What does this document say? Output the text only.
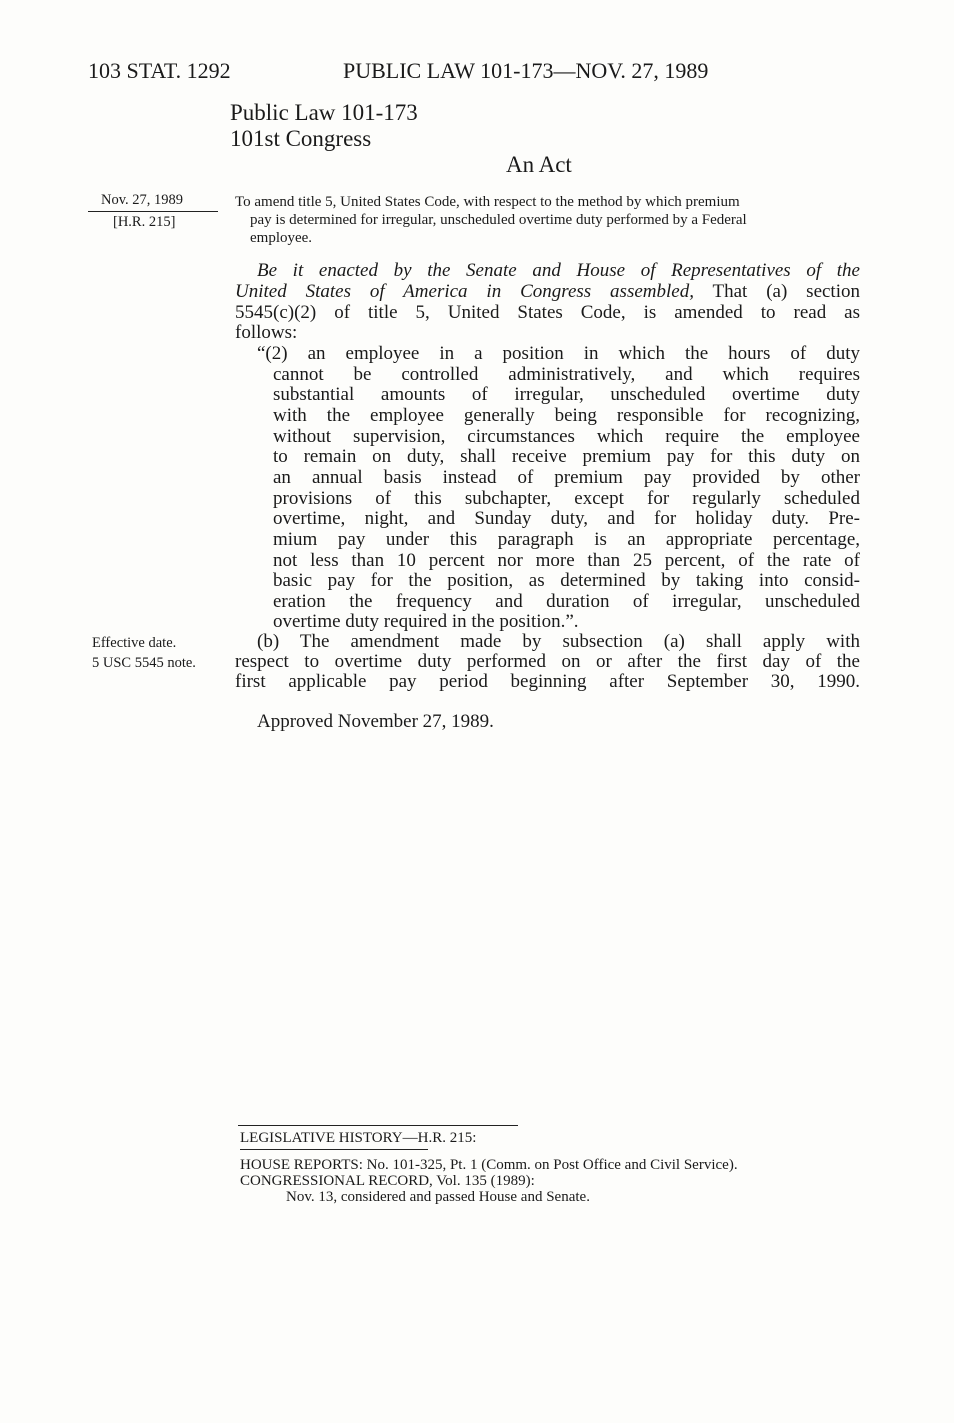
103 STAT. 1292	PUBLIC LAW 101-173—NOV. 27, 1989
Public Law 101-173
101st Congress
An Act
Nov. 27, 1989
[H.R. 215]
To amend title 5, United States Code, with respect to the method by which premium
pay is determined for irregular, unscheduled overtime duty performed by a Federal
employee.
Be it enacted by the Senate and House of Representatives of the
United States of America in Congress assembled, That (a) section
5545(c)(2) of title 5, United States Code, is amended to read as
follows:
“(2) an employee in a position in which the hours of duty
cannot be controlled administratively, and which requires
substantial amounts of irregular, unscheduled overtime duty
with the employee generally being responsible for recognizing,
without supervision, circumstances which require the employee
to remain on duty, shall receive premium pay for this duty on
an annual basis instead of premium pay provided by other
provisions of this subchapter, except for regularly scheduled
overtime, night, and Sunday duty, and for holiday duty. Pre-
mium pay under this paragraph is an appropriate percentage,
not less than 10 percent nor more than 25 percent, of the rate of
basic pay for the position, as determined by taking into consid-
eration the frequency and duration of irregular, unscheduled
overtime duty required in the position.”.
(b) The amendment made by subsection (a) shall apply with
respect to overtime duty performed on or after the first day of the
first applicable pay period beginning after September 30, 1990.
Effective date.
5 USC 5545 note.
Approved November 27, 1989.
LEGISLATIVE HISTORY—H.R. 215:
HOUSE REPORTS: No. 101-325, Pt. 1 (Comm. on Post Office and Civil Service).
CONGRESSIONAL RECORD, Vol. 135 (1989):
Nov. 13, considered and passed House and Senate.
